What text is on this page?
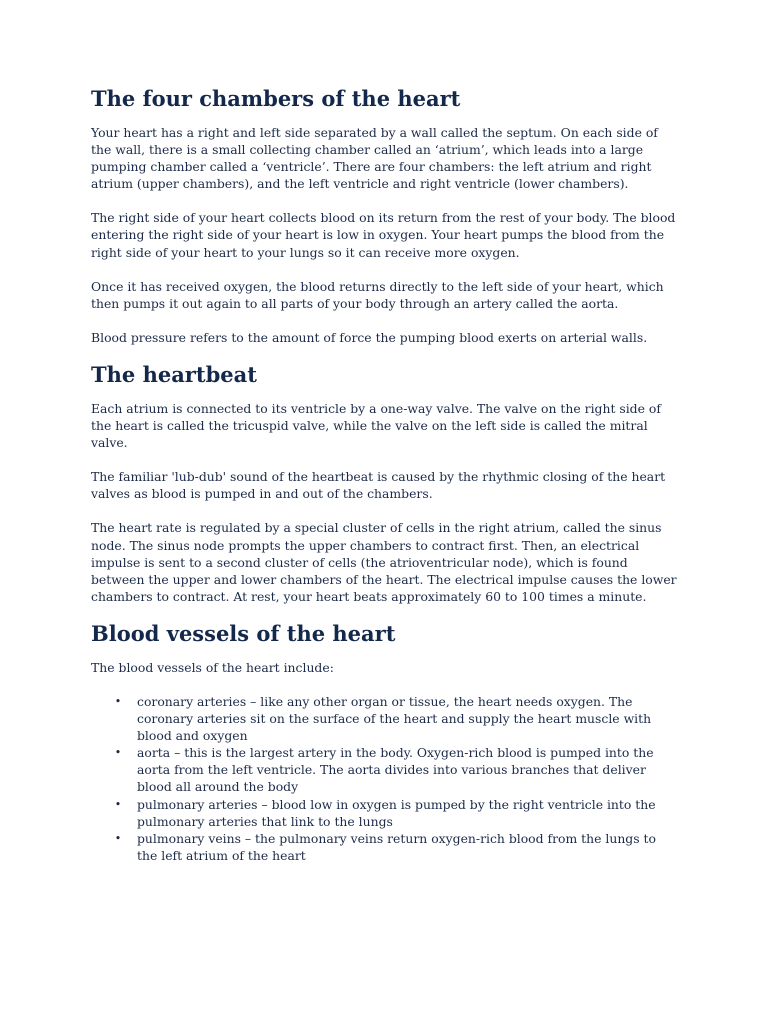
The four chambers of the heart

Your heart has a right and left side separated by a wall called the septum. On each side of the wall, there is a small collecting chamber called an ‘atrium’, which leads into a large pumping chamber called a ‘ventricle’. There are four chambers: the left atrium and right atrium (upper chambers), and the left ventricle and right ventricle (lower chambers).

The right side of your heart collects blood on its return from the rest of your body. The blood entering the right side of your heart is low in oxygen. Your heart pumps the blood from the right side of your heart to your lungs so it can receive more oxygen.

Once it has received oxygen, the blood returns directly to the left side of your heart, which then pumps it out again to all parts of your body through an artery called the aorta.

Blood pressure refers to the amount of force the pumping blood exerts on arterial walls.

The heartbeat

Each atrium is connected to its ventricle by a one-way valve. The valve on the right side of the heart is called the tricuspid valve, while the valve on the left side is called the mitral valve.

The familiar 'lub-dub' sound of the heartbeat is caused by the rhythmic closing of the heart valves as blood is pumped in and out of the chambers.

The heart rate is regulated by a special cluster of cells in the right atrium, called the sinus node. The sinus node prompts the upper chambers to contract first. Then, an electrical impulse is sent to a second cluster of cells (the atrioventricular node), which is found between the upper and lower chambers of the heart. The electrical impulse causes the lower chambers to contract. At rest, your heart beats approximately 60 to 100 times a minute.

Blood vessels of the heart

The blood vessels of the heart include:

• coronary arteries – like any other organ or tissue, the heart needs oxygen. The coronary arteries sit on the surface of the heart and supply the heart muscle with blood and oxygen
• aorta – this is the largest artery in the body. Oxygen-rich blood is pumped into the aorta from the left ventricle. The aorta divides into various branches that deliver blood all around the body
• pulmonary arteries – blood low in oxygen is pumped by the right ventricle into the pulmonary arteries that link to the lungs
• pulmonary veins – the pulmonary veins return oxygen-rich blood from the lungs to the left atrium of the heart
